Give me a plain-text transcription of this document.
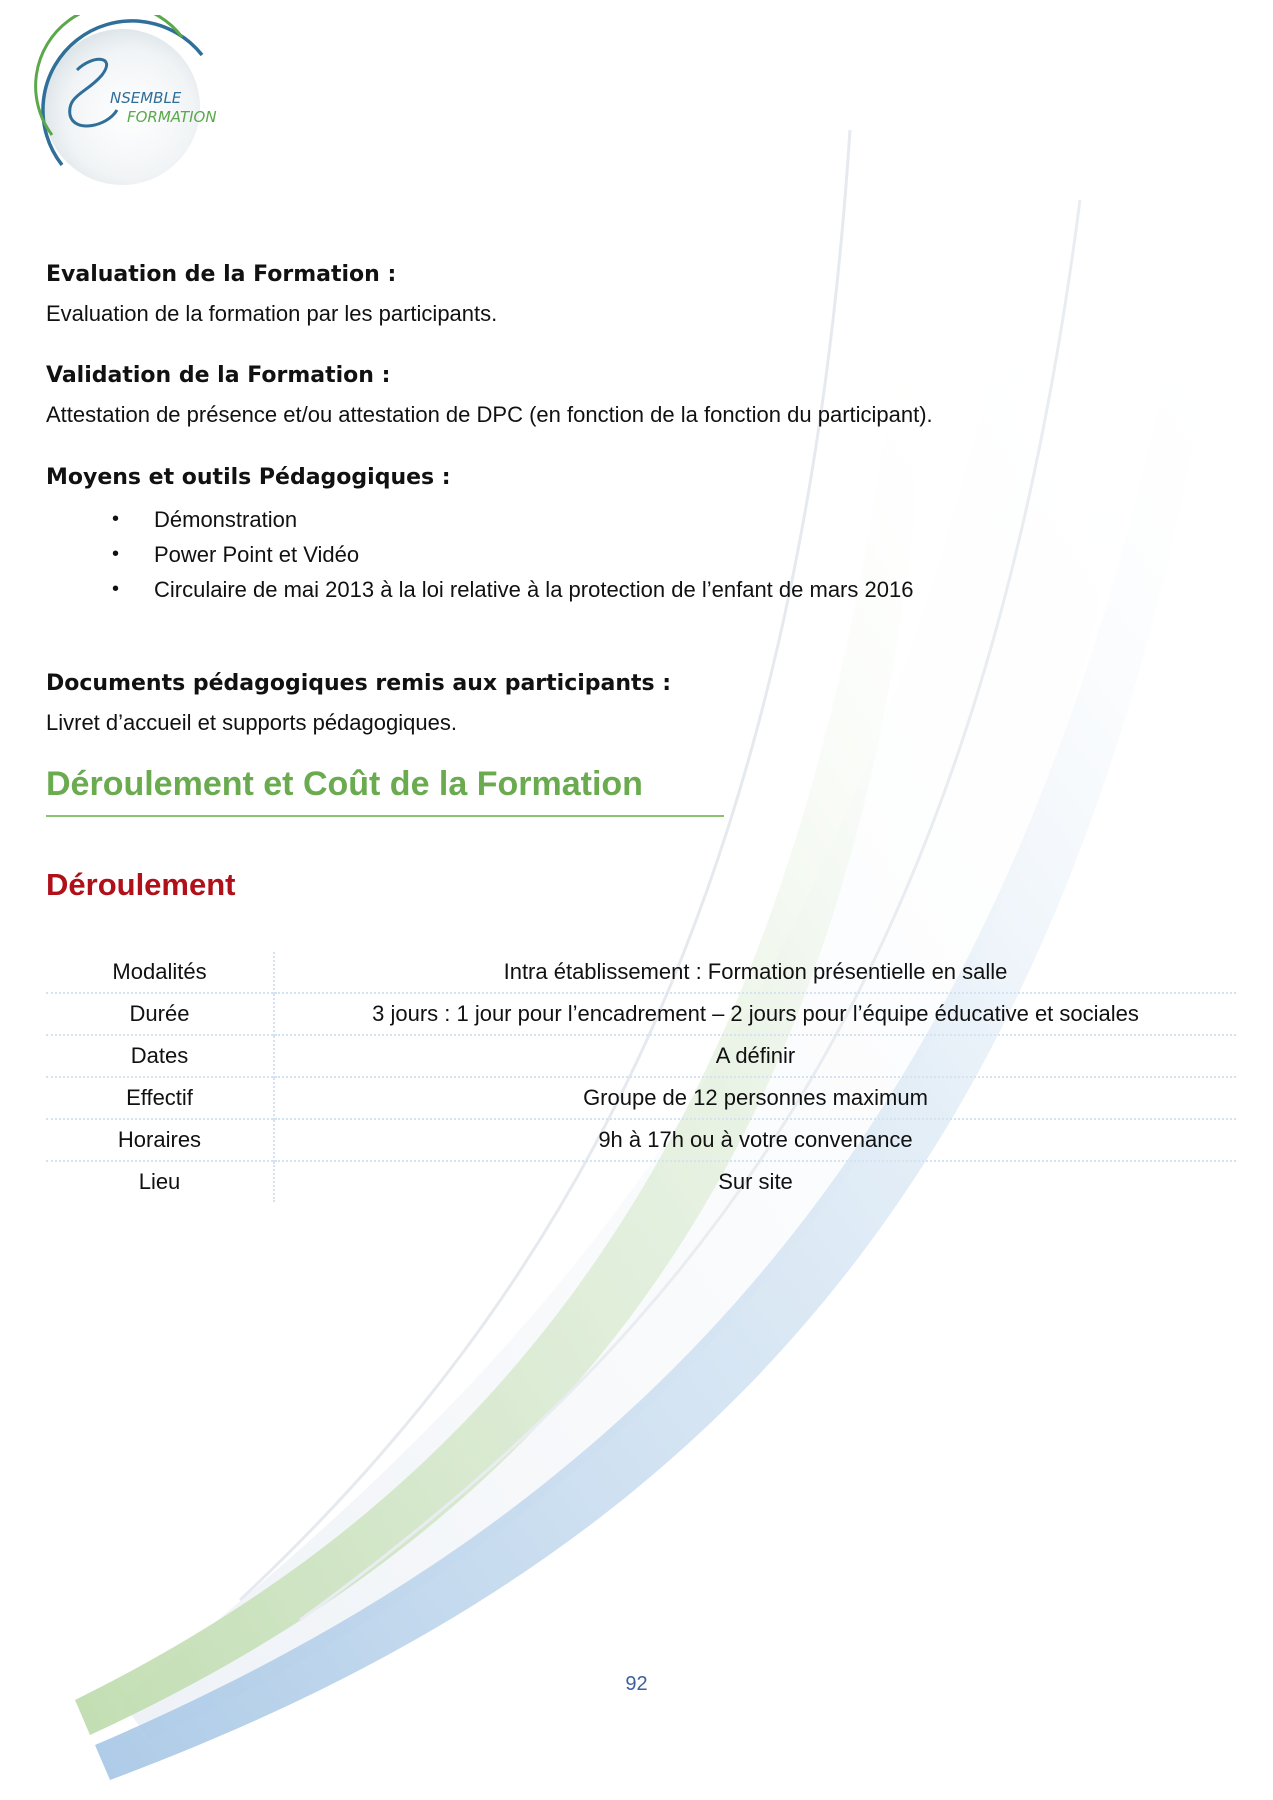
NSEMBLE
FORMATION
Evaluation de la Formation :

Evaluation de la formation par les participants.

Validation de la Formation :

Attestation de présence et/ou attestation de DPC (en fonction de la fonction du participant).

Moyens et outils Pédagogiques :
• Démonstration
• Power Point et Vidéo
• Circulaire de mai 2013 à la loi relative à la protection de l’enfant de mars 2016
Documents pédagogiques remis aux participants :

Livret d’accueil et supports pédagogiques.

Déroulement et Coût de la Formation
Déroulement
Modalités	Intra établissement : Formation présentielle en salle
Durée	3 jours : 1 jour pour l’encadrement – 2 jours pour l’équipe éducative et sociales
Dates	A définir
Effectif	Groupe de 12 personnes maximum
Horaires	9h à 17h ou à votre convenance
Lieu	Sur site
92
